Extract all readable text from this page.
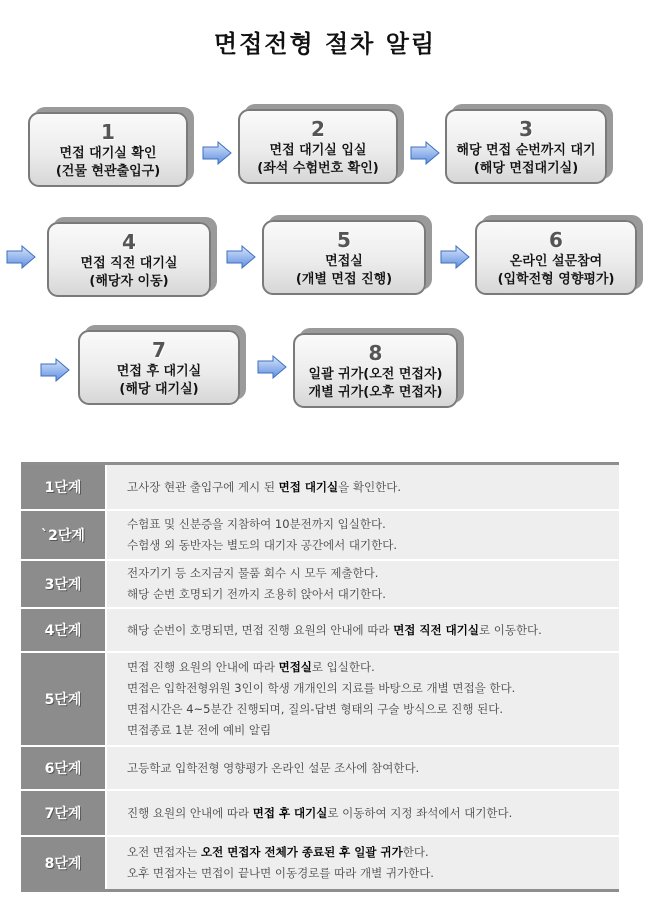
면접전형 절차 알림
1
면접 대기실 확인
(건물 현관출입구)
2
면접 대기실 입실
(좌석 수험번호 확인)
3
해당 면접 순번까지 대기
(해당 면접대기실)
4
면접 직전 대기실
(해당자 이동)
5
면접실
(개별 면접 진행)
6
온라인 설문참여
(입학전형 영향평가)
7
면접 후 대기실
(해당 대기실)
8
일괄 귀가(오전 면접자)
개별 귀가(오후 면접자)
1단계	고사장 현관 출입구에 게시 된 면접 대기실을 확인한다.
`2단계
수험표 및 신분증을 지참하여 10분전까지 입실한다.
수험생 외 동반자는 별도의 대기자 공간에서 대기한다.
3단계
전자기기 등 소지금지 물품 회수 시 모두 제출한다.
해당 순번 호명되기 전까지 조용히 앉아서 대기한다.
4단계	해당 순번이 호명되면, 면접 진행 요원의 안내에 따라 면접 직전 대기실로 이동한다.
5단계
면접 진행 요원의 안내에 따라 면접실로 입실한다.
면접은 입학전형위원 3인이 학생 개개인의 지료를 바탕으로 개별 면접을 한다.
면접시간은 4~5분간 진행되며, 질의-답변 형태의 구술 방식으로 진행 된다.
면접종료 1분 전에 예비 알림
6단계	고등학교 입학전형 영향평가 온라인 설문 조사에 참여한다.
7단계	진행 요원의 안내에 따라 면접 후 대기실로 이동하여 지정 좌석에서 대기한다.
8단계
오전 면접자는 오전 면접자 전체가 종료된 후 일괄 귀가한다.
오후 면접자는 면접이 끝나면 이동경로를 따라 개별 귀가한다.
